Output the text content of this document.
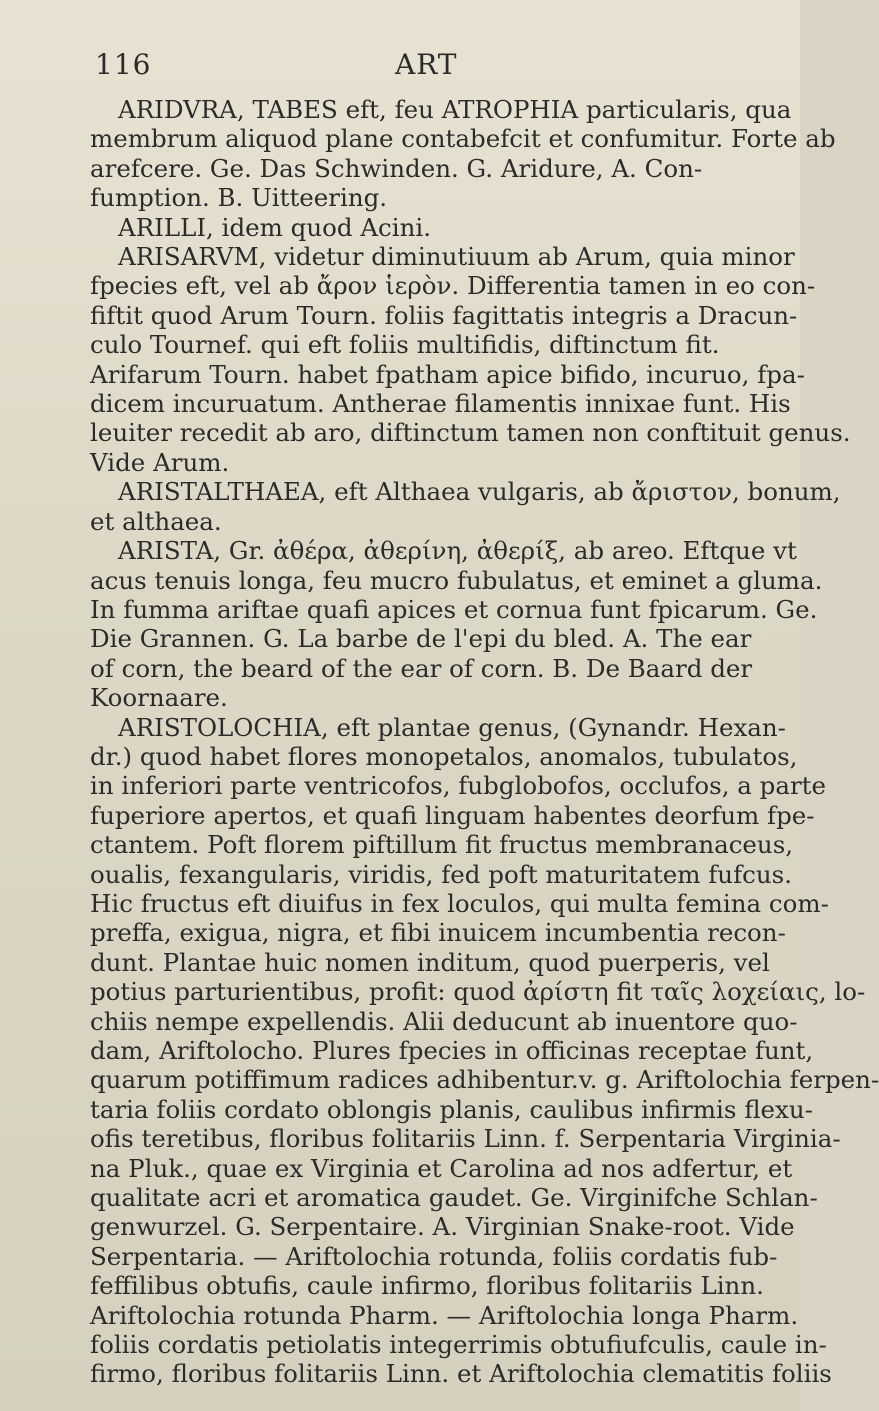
116	ART
ARIDVRA, TABES eft, feu ATROPHIA particularis, qua
membrum aliquod plane contabefcit et confumitur. Forte ab
arefcere. Ge. Das Schwinden. G. Aridure, A. Con-
fumption. B. Uitteering.
ARILLI, idem quod Acini.
ARISARVM, videtur diminutiuum ab Arum, quia minor
fpecies eft, vel ab ἄρον ἱερὸν. Differentia tamen in eo con-
fiftit quod Arum Tourn. foliis fagittatis integris a Dracun-
culo Tournef. qui eft foliis multifidis, diftinctum fit.
Arifarum Tourn. habet fpatham apice bifido, incuruo, fpa-
dicem incuruatum. Antherae filamentis innixae funt. His
leuiter recedit ab aro, diftinctum tamen non conftituit genus.
Vide Arum.
ARISTALTHAEA, eft Althaea vulgaris, ab ἄριστον, bonum,
et althaea.
ARISTA, Gr. ἀθέρα, ἀθερίνη, ἀθερίξ, ab areo. Eftque vt
acus tenuis longa, feu mucro fubulatus, et eminet a gluma.
In fumma ariftae quafi apices et cornua funt fpicarum. Ge.
Die Grannen. G. La barbe de l'epi du bled. A. The ear
of corn, the beard of the ear of corn. B. De Baard der
Koornaare.
ARISTOLOCHIA, eft plantae genus, (Gynandr. Hexan-
dr.) quod habet flores monopetalos, anomalos, tubulatos,
in inferiori parte ventricofos, fubglobofos, occlufos, a parte
fuperiore apertos, et quafi linguam habentes deorfum fpe-
ctantem. Poft florem piftillum fit fructus membranaceus,
oualis, fexangularis, viridis, fed poft maturitatem fufcus.
Hic fructus eft diuifus in fex loculos, qui multa femina com-
preffa, exigua, nigra, et fibi inuicem incumbentia recon-
dunt. Plantae huic nomen inditum, quod puerperis, vel
potius parturientibus, profit: quod ἀρίστη fit ταῖς λοχείαις, lo-
chiis nempe expellendis. Alii deducunt ab inuentore quo-
dam, Ariftolocho. Plures fpecies in officinas receptae funt,
quarum potiffimum radices adhibentur.v. g. Ariftolochia ferpen-
taria foliis cordato oblongis planis, caulibus infirmis flexu-
ofis teretibus, floribus folitariis Linn. f. Serpentaria Virginia-
na Pluk., quae ex Virginia et Carolina ad nos adfertur, et
qualitate acri et aromatica gaudet. Ge. Virginifche Schlan-
genwurzel. G. Serpentaire. A. Virginian Snake-root. Vide
Serpentaria. — Ariftolochia rotunda, foliis cordatis fub-
feffilibus obtufis, caule infirmo, floribus folitariis Linn.
Ariftolochia rotunda Pharm. — Ariftolochia longa Pharm.
foliis cordatis petiolatis integerrimis obtufiufculis, caule in-
firmo, floribus folitariis Linn. et Ariftolochia clematitis foliis
